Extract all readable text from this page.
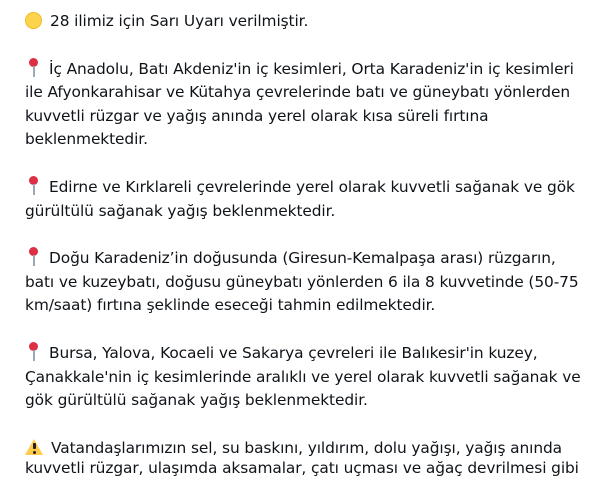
28 ilimiz için Sarı Uyarı verilmiştir.

İç Anadolu, Batı Akdeniz'in iç kesimleri, Orta Karadeniz'in iç kesimleri ile Afyonkarahisar ve Kütahya çevrelerinde batı ve güneybatı yönlerden kuvvetli rüzgar ve yağış anında yerel olarak kısa süreli fırtına beklenmektedir.

Edirne ve Kırklareli çevrelerinde yerel olarak kuvvetli sağanak ve gök gürültülü sağanak yağış beklenmektedir.

Doğu Karadeniz’in doğusunda (Giresun-Kemalpaşa arası) rüzgarın, batı ve kuzeybatı, doğusu güneybatı yönlerden 6 ila 8 kuvvetinde (50-75 km/saat) fırtına şeklinde eseceği tahmin edilmektedir.

Bursa, Yalova, Kocaeli ve Sakarya çevreleri ile Balıkesir'in kuzey, Çanakkale'nin iç kesimlerinde aralıklı ve yerel olarak kuvvetli sağanak ve gök gürültülü sağanak yağış beklenmektedir.

Vatandaşlarımızın sel, su baskını, yıldırım, dolu yağışı, yağış anında

kuvvetli rüzgar, ulaşımda aksamalar, çatı uçması ve ağaç devrilmesi gibi
